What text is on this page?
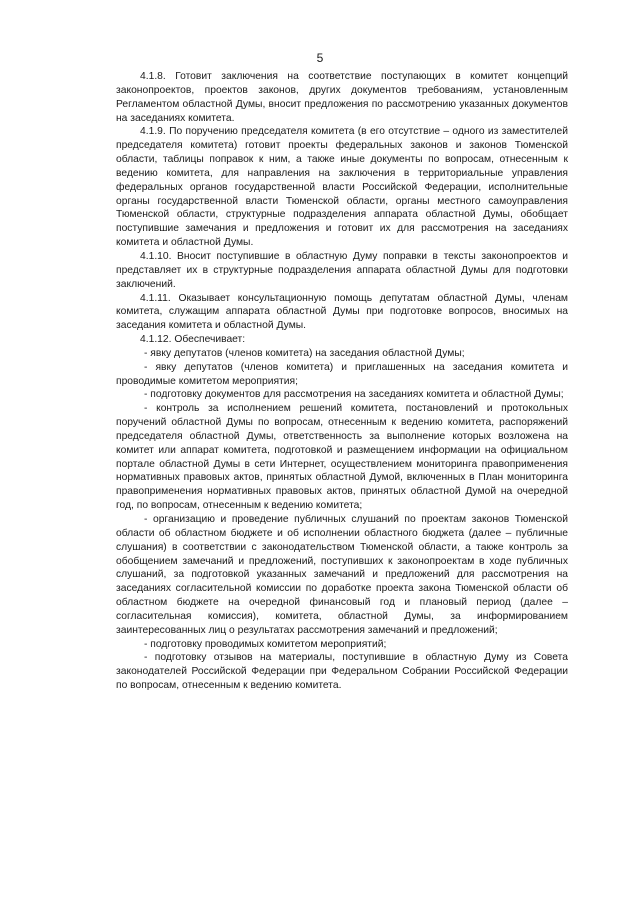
5

4.1.8. Готовит заключения на соответствие поступающих в комитет концепций законопроектов, проектов законов, других документов требованиям, установленным Регламентом областной Думы, вносит предложения по рассмотрению указанных документов на заседаниях комитета.

4.1.9. По поручению председателя комитета (в его отсутствие – одного из заместителей председателя комитета) готовит проекты федеральных законов и законов Тюменской области, таблицы поправок к ним, а также иные документы по вопросам, отнесенным к ведению комитета, для направления на заключения в территориальные управления федеральных органов государственной власти Российской Федерации, исполнительные органы государственной власти Тюменской области, органы местного самоуправления Тюменской области, структурные подразделения аппарата областной Думы, обобщает поступившие замечания и предложения и готовит их для рассмотрения на заседаниях комитета и областной Думы.

4.1.10. Вносит поступившие в областную Думу поправки в тексты законопроектов и представляет их в структурные подразделения аппарата областной Думы для подготовки заключений.

4.1.11. Оказывает консультационную помощь депутатам областной Думы, членам комитета, служащим аппарата областной Думы при подготовке вопросов, вносимых на заседания комитета и областной Думы.

4.1.12. Обеспечивает:

- явку депутатов (членов комитета) на заседания областной Думы;

- явку депутатов (членов комитета) и приглашенных на заседания комитета и проводимые комитетом мероприятия;

- подготовку документов для рассмотрения на заседаниях комитета и областной Думы;

- контроль за исполнением решений комитета, постановлений и протокольных поручений областной Думы по вопросам, отнесенным к ведению комитета, распоряжений председателя областной Думы, ответственность за выполнение которых возложена на комитет или аппарат комитета, подготовкой и размещением информации на официальном портале областной Думы в сети Интернет, осуществлением мониторинга правоприменения нормативных правовых актов, принятых областной Думой, включенных в План мониторинга правоприменения нормативных правовых актов, принятых областной Думой на очередной год, по вопросам, отнесенным к ведению комитета;

- организацию и проведение публичных слушаний по проектам законов Тюменской области об областном бюджете и об исполнении областного бюджета (далее – публичные слушания) в соответствии с законодательством Тюменской области, а также контроль за обобщением замечаний и предложений, поступивших к законопроектам в ходе публичных слушаний, за подготовкой указанных замечаний и предложений для рассмотрения на заседаниях согласительной комиссии по доработке проекта закона Тюменской области об областном бюджете на очередной финансовый год и плановый период (далее – согласительная комиссия), комитета, областной Думы, за информированием заинтересованных лиц о результатах рассмотрения замечаний и предложений;

- подготовку проводимых комитетом мероприятий;

- подготовку отзывов на материалы, поступившие в областную Думу из Совета законодателей Российской Федерации при Федеральном Собрании Российской Федерации по вопросам, отнесенным к ведению комитета.
